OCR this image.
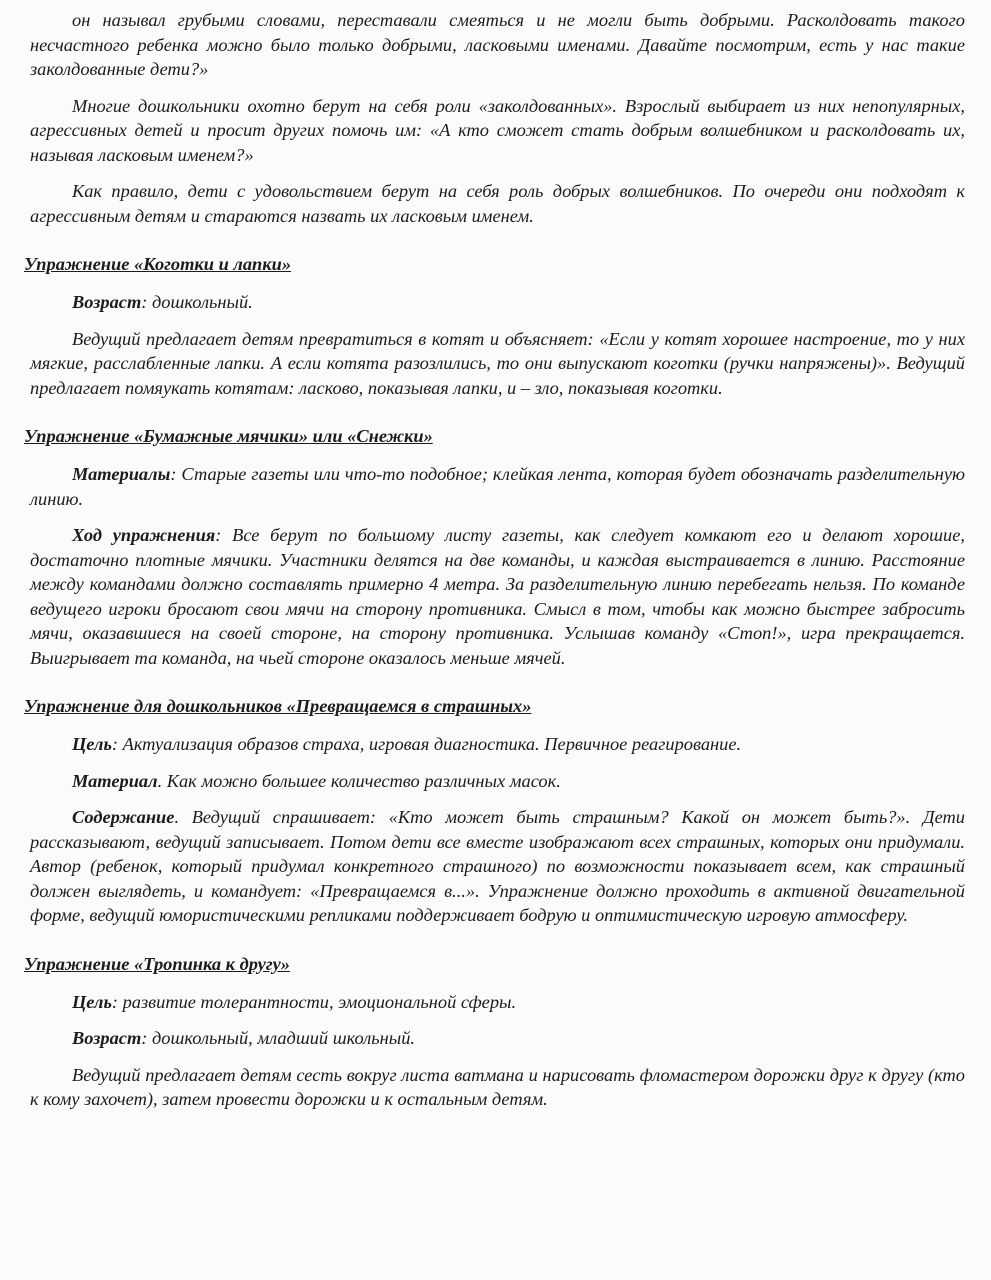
он называл грубыми словами, переставали смеяться и не могли быть добрыми. Расколдовать такого несчастного ребенка можно было только добрыми, ласковыми именами. Давайте посмотрим, есть у нас такие заколдованные дети?»

Многие дошкольники охотно берут на себя роли «заколдованных». Взрослый выбирает из них непопулярных, агрессивных детей и просит других помочь им: «А кто сможет стать добрым волшебником и расколдовать их, называя ласковым именем?»

Как правило, дети с удовольствием берут на себя роль добрых волшебников. По очереди они подходят к агрессивным детям и стараются назвать их ласковым именем.

Упражнение «Коготки и лапки»

Возраст: дошкольный.

Ведущий предлагает детям превратиться в котят и объясняет: «Если у котят хорошее настроение, то у них мягкие, расслабленные лапки. А если котята разозлились, то они выпускают коготки (ручки напряжены)». Ведущий предлагает помяукать котятам: ласково, показывая лапки, и – зло, показывая коготки.

Упражнение «Бумажные мячики» или «Снежки»

Материалы: Старые газеты или что-то подобное; клейкая лента, которая будет обозначать разделительную линию.

Ход упражнения: Все берут по большому листу газеты, как следует комкают его и делают хорошие, достаточно плотные мячики. Участники делятся на две команды, и каждая выстраивается в линию. Расстояние между командами должно составлять примерно 4 метра. За разделительную линию перебегать нельзя. По команде ведущего игроки бросают свои мячи на сторону противника. Смысл в том, чтобы как можно быстрее забросить мячи, оказавшиеся на своей стороне, на сторону противника. Услышав команду «Стоп!», игра прекращается. Выигрывает та команда, на чьей стороне оказалось меньше мячей.

Упражнение для дошкольников «Превращаемся в страшных»

Цель: Актуализация образов страха, игровая диагностика. Первичное реагирование.

Материал. Как можно большее количество различных масок.

Содержание. Ведущий спрашивает: «Кто может быть страшным? Какой он может быть?». Дети рассказывают, ведущий записывает. Потом дети все вместе изображают всех страшных, которых они придумали. Автор (ребенок, который придумал конкретного страшного) по возможности показывает всем, как страшный должен выглядеть, и командует: «Превращаемся в...». Упражнение должно проходить в активной двигательной форме, ведущий юмористическими репликами поддерживает бодрую и оптимистическую игровую атмосферу.

Упражнение «Тропинка к другу»

Цель: развитие толерантности, эмоциональной сферы.

Возраст: дошкольный, младший школьный.

Ведущий предлагает детям сесть вокруг листа ватмана и нарисовать фломастером дорожки друг к другу (кто к кому захочет), затем провести дорожки и к остальным детям.
